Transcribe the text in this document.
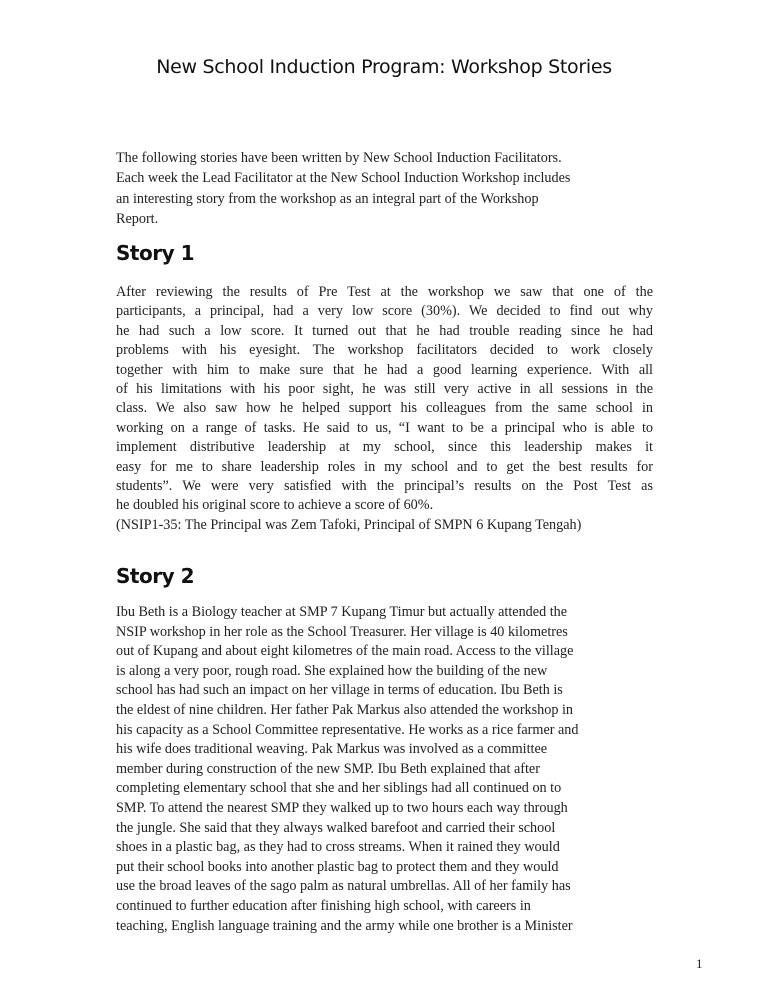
New School Induction Program: Workshop Stories
The following stories have been written by New School Induction Facilitators.
Each week the Lead Facilitator at the New School Induction Workshop includes
an interesting story from the workshop as an integral part of the Workshop
Report.
Story 1
After reviewing the results of Pre Test at the workshop we saw that one of the
participants, a principal, had a very low score (30%). We decided to find out why
he had such a low score. It turned out that he had trouble reading since he had
problems with his eyesight. The workshop facilitators decided to work closely
together with him to make sure that he had a good learning experience. With all
of his limitations with his poor sight, he was still very active in all sessions in the
class. We also saw how he helped support his colleagues from the same school in
working on a range of tasks. He said to us, “I want to be a principal who is able to
implement distributive leadership at my school, since this leadership makes it
easy for me to share leadership roles in my school and to get the best results for
students”. We were very satisfied with the principal’s results on the Post Test as
he doubled his original score to achieve a score of 60%.
(NSIP1-35: The Principal was Zem Tafoki, Principal of SMPN 6 Kupang Tengah)
Story 2
Ibu Beth is a Biology teacher at SMP 7 Kupang Timur but actually attended the
NSIP workshop in her role as the School Treasurer. Her village is 40 kilometres
out of Kupang and about eight kilometres of the main road. Access to the village
is along a very poor, rough road. She explained how the building of the new
school has had such an impact on her village in terms of education. Ibu Beth is
the eldest of nine children. Her father Pak Markus also attended the workshop in
his capacity as a School Committee representative. He works as a rice farmer and
his wife does traditional weaving. Pak Markus was involved as a committee
member during construction of the new SMP. Ibu Beth explained that after
completing elementary school that she and her siblings had all continued on to
SMP. To attend the nearest SMP they walked up to two hours each way through
the jungle. She said that they always walked barefoot and carried their school
shoes in a plastic bag, as they had to cross streams. When it rained they would
put their school books into another plastic bag to protect them and they would
use the broad leaves of the sago palm as natural umbrellas. All of her family has
continued to further education after finishing high school, with careers in
teaching, English language training and the army while one brother is a Minister
1
